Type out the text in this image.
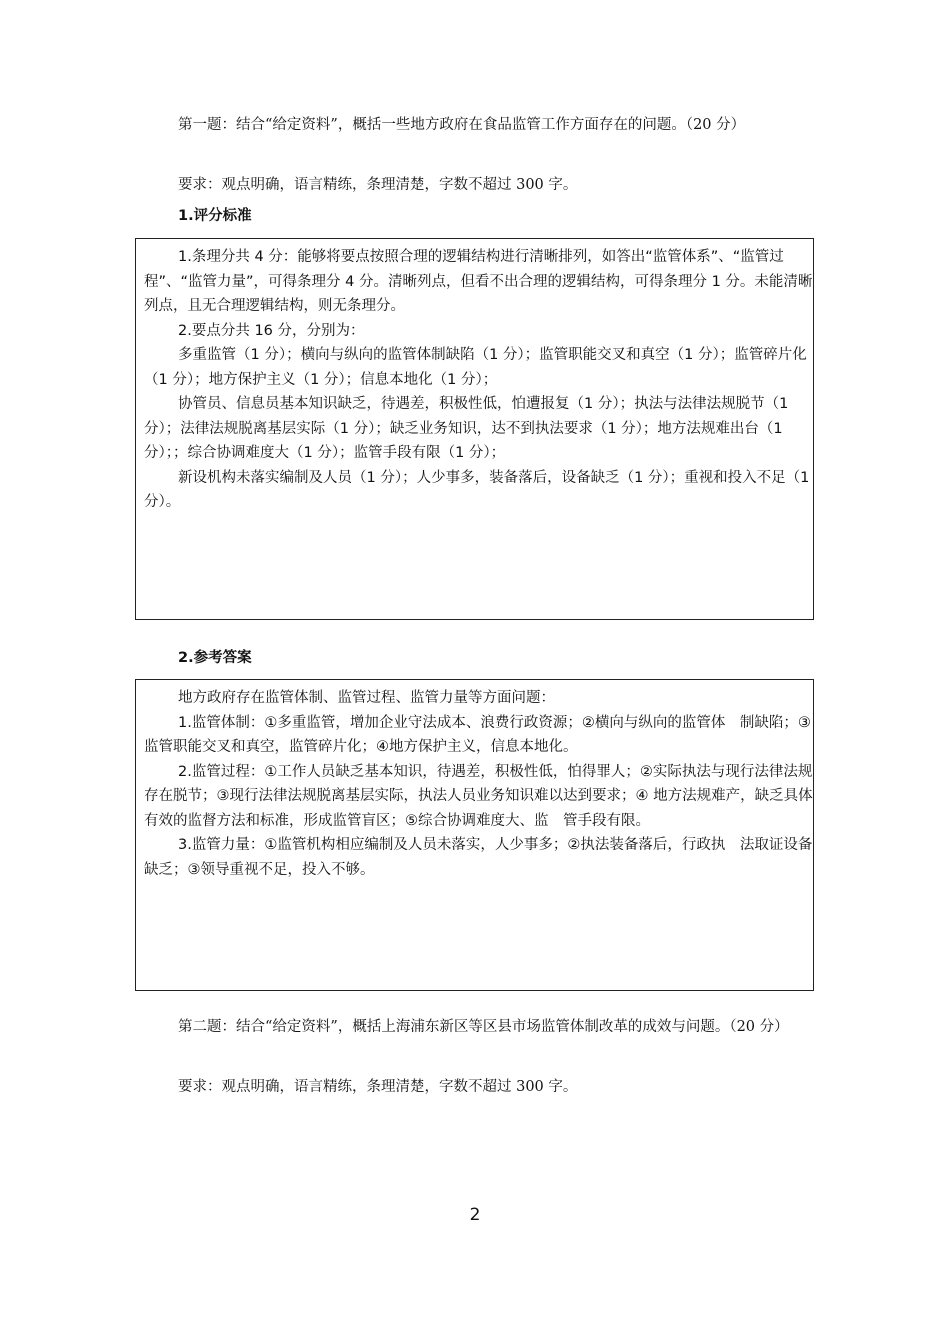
第一题：结合“给定资料”，概括一些地方政府在食品监管工作方面存在的问题。（20 分）
要求：观点明确，语言精练，条理清楚，字数不超过 300 字。
1.评分标准

1.条理分共 4 分：能够将要点按照合理的逻辑结构进行清晰排列，如答出“监管体系”、“监管过程”、“监管力量”，可得条理分 4 分。清晰列点，但看不出合理的逻辑结构，可得条理分 1 分。未能清晰列点，且无合理逻辑结构，则无条理分。

2.要点分共 16 分，分别为：

多重监管（1 分）；横向与纵向的监管体制缺陷（1 分）；监管职能交叉和真空（1 分）；监管碎片化（1 分）；地方保护主义（1 分）；信息本地化（1 分）；

协管员、信息员基本知识缺乏，待遇差，积极性低，怕遭报复（1 分）；执法与法律法规脱节（1 分）；法律法规脱离基层实际（1 分）；缺乏业务知识，达不到执法要求（1 分）；地方法规难出台（1 分）；；综合协调难度大（1 分）；监管手段有限（1 分）；

新设机构未落实编制及人员（1 分）；人少事多，装备落后，设备缺乏（1 分）；重视和投入不足（1 分）。

2.参考答案

地方政府存在监管体制、监管过程、监管力量等方面问题：

1.监管体制：①多重监管，增加企业守法成本、浪费行政资源；②横向与纵向的监管体　制缺陷；③监管职能交叉和真空，监管碎片化；④地方保护主义，信息本地化。

2.监管过程：①工作人员缺乏基本知识，待遇差，积极性低，怕得罪人；②实际执法与现行法律法规存在脱节；③现行法律法规脱离基层实际，执法人员业务知识难以达到要求；④ 地方法规难产，缺乏具体有效的监督方法和标准，形成监管盲区；⑤综合协调难度大、监　管手段有限。

3.监管力量：①监管机构相应编制及人员未落实，人少事多；②执法装备落后，行政执　法取证设备缺乏；③领导重视不足，投入不够。

第二题：结合“给定资料”，概括上海浦东新区等区县市场监管体制改革的成效与问题。（20 分）
要求：观点明确，语言精练，条理清楚，字数不超过 300 字。
2
